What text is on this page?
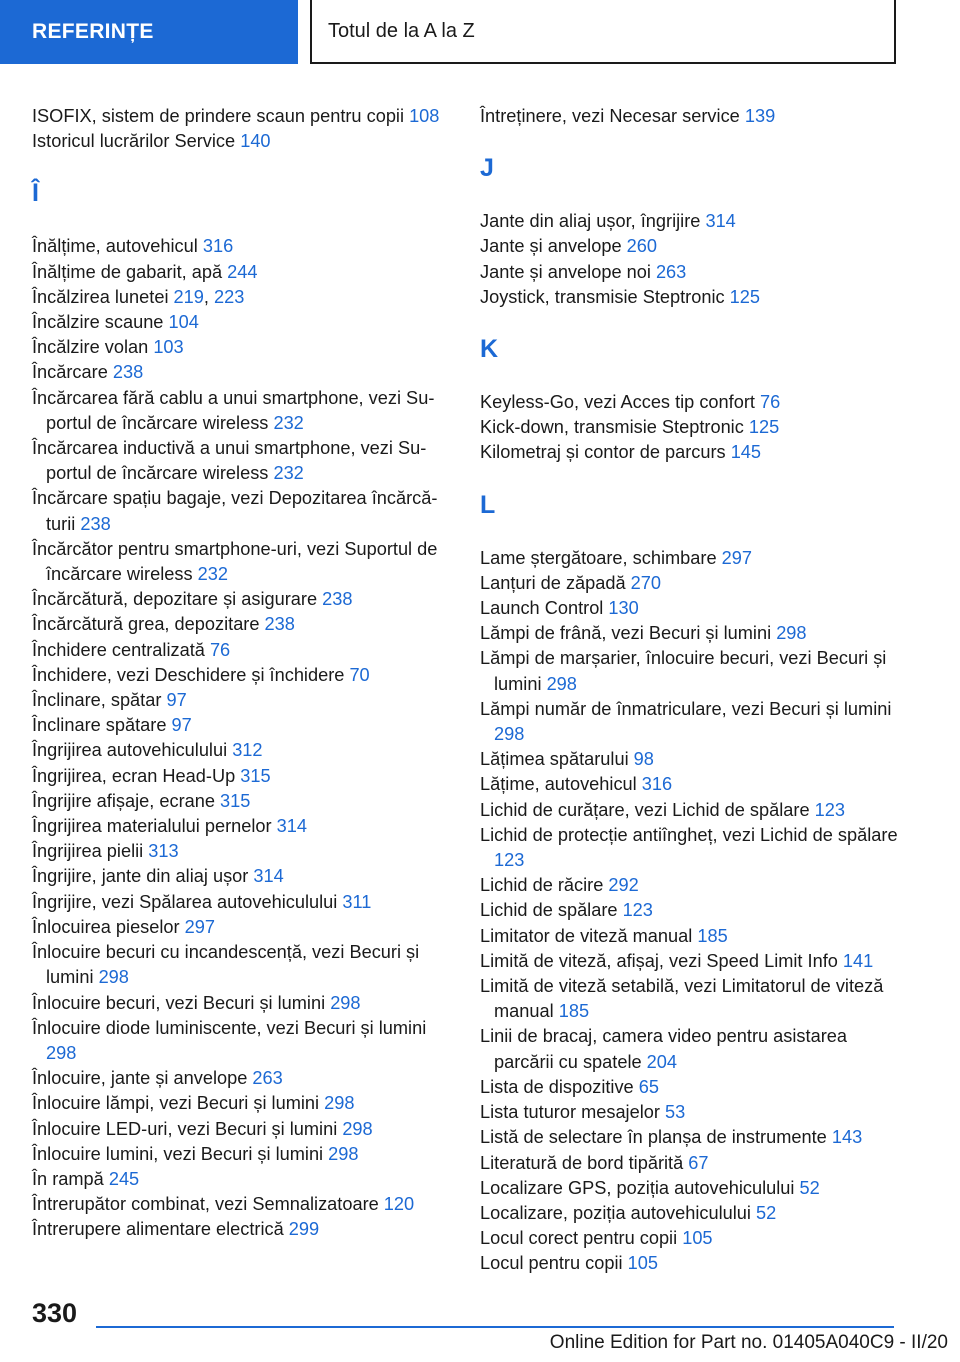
REFERINȚE	Totul de la A la Z
ISOFIX, sistem de prindere scaun pentru copii 108
Istoricul lucrărilor Service 140
Î
Înălțime, autovehicul 316
Înălțime de gabarit, apă 244
Încălzirea lunetei 219, 223
Încălzire scaune 104
Încălzire volan 103
Încărcare 238
Încărcarea fără cablu a unui smartphone, vezi Suportul de încărcare wireless 232
Încărcarea inductivă a unui smartphone, vezi Suportul de încărcare wireless 232
Încărcare spațiu bagaje, vezi Depozitarea încărcăturii 238
Încărcător pentru smartphone-uri, vezi Suportul de încărcare wireless 232
Încărcătură, depozitare și asigurare 238
Încărcătură grea, depozitare 238
Închidere centralizată 76
Închidere, vezi Deschidere și închidere 70
Înclinare, spătar 97
Înclinare spătare 97
Îngrijirea autovehiculului 312
Îngrijirea, ecran Head-Up 315
Îngrijire afișaje, ecrane 315
Îngrijirea materialului pernelor 314
Îngrijirea pielii 313
Îngrijire, jante din aliaj ușor 314
Îngrijire, vezi Spălarea autovehiculului 311
Înlocuirea pieselor 297
Înlocuire becuri cu incandescență, vezi Becuri și lumini 298
Înlocuire becuri, vezi Becuri și lumini 298
Înlocuire diode luminiscente, vezi Becuri și lumini 298
Înlocuire, jante și anvelope 263
Înlocuire lămpi, vezi Becuri și lumini 298
Înlocuire LED-uri, vezi Becuri și lumini 298
Înlocuire lumini, vezi Becuri și lumini 298
În rampă 245
Întrerupător combinat, vezi Semnalizatoare 120
Întrerupere alimentare electrică 299
Întreținere, vezi Necesar service 139
J
Jante din aliaj ușor, îngrijire 314
Jante și anvelope 260
Jante și anvelope noi 263
Joystick, transmisie Steptronic 125
K
Keyless-Go, vezi Acces tip confort 76
Kick-down, transmisie Steptronic 125
Kilometraj și contor de parcurs 145
L
Lame ștergătoare, schimbare 297
Lanțuri de zăpadă 270
Launch Control 130
Lămpi de frână, vezi Becuri și lumini 298
Lămpi de marșarier, înlocuire becuri, vezi Becuri și lumini 298
Lămpi număr de înmatriculare, vezi Becuri și lumini 298
Lățimea spătarului 98
Lățime, autovehicul 316
Lichid de curățare, vezi Lichid de spălare 123
Lichid de protecție antiîngheț, vezi Lichid de spălare 123
Lichid de răcire 292
Lichid de spălare 123
Limitator de viteză manual 185
Limită de viteză, afișaj, vezi Speed Limit Info 141
Limită de viteză setabilă, vezi Limitatorul de viteză manual 185
Linii de bracaj, camera video pentru asistarea parcării cu spatele 204
Lista de dispozitive 65
Lista tuturor mesajelor 53
Listă de selectare în planșa de instrumente 143
Literatură de bord tipărită 67
Localizare GPS, poziția autovehiculului 52
Localizare, poziția autovehiculului 52
Locul corect pentru copii 105
Locul pentru copii 105
330
Online Edition for Part no. 01405A040C9 - II/20
